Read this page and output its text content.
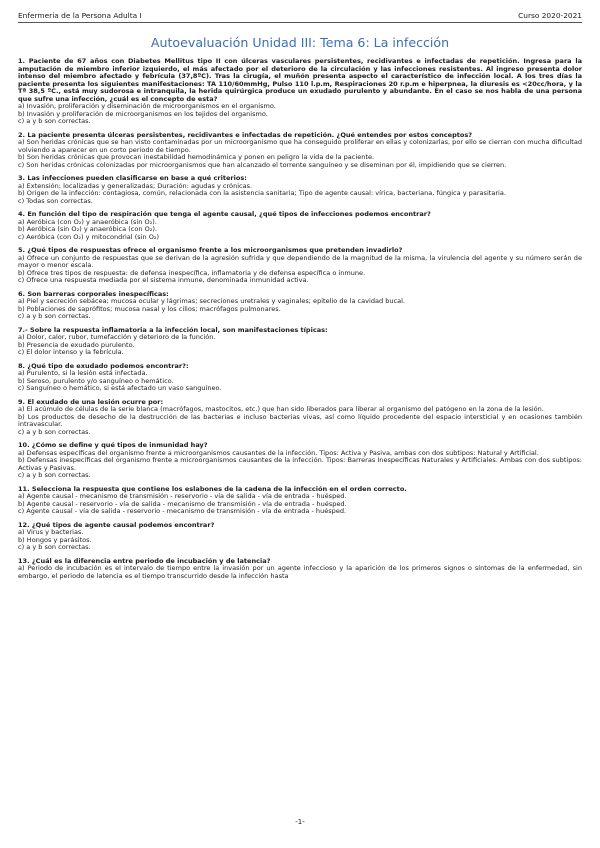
Enfermería de la Persona Adulta I	Curso 2020-2021
Autoevaluación Unidad III: Tema 6: La infección
1. Paciente de 67 años con Diabetes Mellitus tipo II con úlceras vasculares persistentes, recidivantes e infectadas de repetición. Ingresa para la amputación de miembro inferior izquierdo, el más afectado por el deterioro de la circulación y las infecciones resistentes. Al ingreso presenta dolor intenso del miembro afectado y febrícula (37,8ºC). Tras la cirugía, el muñón presenta aspecto el característico de infección local. A los tres días la paciente presenta los siguientes manifestaciones: TA 110/60mmHg, Pulso 110 l.p.m, Respiraciones 20 r.p.m e hiperpnea, la diuresis es <20cc/hora, y la Tª 38,5 ºC., está muy sudorosa e intranquila, la herida quirúrgica produce un exudado purulento y abundante. En el caso se nos habla de una persona que sufre una infección, ¿cuál es el concepto de esta?
a) Invasión, proliferación y diseminación de microorganismos en el organismo.
b) Invasión y proliferación de microorganismos en los tejidos del organismo.
c) a y b son correctas.
2. La paciente presenta úlceras persistentes, recidivantes e infectadas de repetición. ¿Qué entendes por estos conceptos?
a) Son heridas crónicas que se han visto contaminadas por un microorganismo que ha conseguido proliferar en ellas y colonizarlas, por ello se cierran con mucha dificultad volviendo a aparecer en un corto periodo de tiempo.
b) Son heridas crónicas que provocan inestabilidad hemodinámica y ponen en peligro la vida de la paciente.
c) Son heridas crónicas colonizadas por microorganismos que han alcanzado el torrente sanguíneo y se diseminan por él, impidiendo que se cierren.
3. Las infecciones pueden clasificarse en base a qué criterios:
a) Extensión: localizadas y generalizadas; Duración: agudas y crónicas.
b) Origen de la infección: contagiosa, común, relacionada con la asistencia sanitaria; Tipo de agente causal: vírica, bacteriana, fúngica y parasitaria.
c) Todas son correctas.
4. En función del tipo de respiración que tenga el agente causal, ¿qué tipos de infecciones podemos encontrar?
a) Aeróbica (con O₂) y anaeróbica (sin O₂).
b) Aeróbica (sin O₂) y anaeróbica (con O₂).
c) Aeróbica (con O₂) y mitocondrial (sin O₂)
5. ¿Qué tipos de respuestas ofrece el organismo frente a los microorganismos que pretenden invadirlo?
a) Ofrece un conjunto de respuestas que se derivan de la agresión sufrida y que dependiendo de la magnitud de la misma, la virulencia del agente y su número serán de mayor o menor escala.
b) Ofrece tres tipos de respuesta: de defensa inespecífica, inflamatoria y de defensa específica o inmune.
c) Ofrece una respuesta mediada por el sistema inmune, denominada inmunidad activa.
6. Son barreras corporales inespecíficas:
a) Piel y secreción sebácea; mucosa ocular y lágrimas; secreciones uretrales y vaginales; epitelio de la cavidad bucal.
b) Poblaciones de saprófitos; mucosa nasal y los cilios; macrófagos pulmonares.
c) a y b son correctas.
7.- Sobre la respuesta inflamatoria a la infección local, son manifestaciones típicas:
a) Dolor, calor, rubor, tumefacción y deterioro de la función.
b) Presencia de exudado purulento.
c) El dolor intenso y la febrícula.
8. ¿Qué tipo de exudado podemos encontrar?:
a) Purulento, si la lesión está infectada.
b) Seroso, purulento y/o sanguíneo o hemático.
c) Sanguíneo o hemático, si está afectado un vaso sanguíneo.
9. El exudado de una lesión ocurre por:
a) El acúmulo de células de la serie blanca (macrófagos, mastocitos, etc.) que han sido liberados para liberar al organismo del patógeno en la zona de la lesión.
b) Los productos de desecho de la destrucción de las bacterias e incluso bacterias vivas, así como líquido procedente del espacio intersticial y en ocasiones también intravascular.
c) a y b son correctas.
10. ¿Cómo se define y qué tipos de inmunidad hay?
a) Defensas específicas del organismo frente a microorganismos causantes de la infección. Tipos: Activa y Pasiva, ambas con dos subtipos: Natural y Artificial.
b) Defensas inespecíficas del organismo frente a microorganismos causantes de la infección. Tipos: Barreras Inespecíficas Naturales y Artificiales. Ambas con dos subtipos: Activas y Pasivas.
c) a y b son correctas.
11. Selecciona la respuesta que contiene los eslabones de la cadena de la infección en el orden correcto.
a) Agente causal - mecanismo de transmisión - reservorio - vía de salida - vía de entrada - huésped.
b) Agente causal - reservorio - vía de salida - mecanismo de transmisión - vía de entrada - huésped.
c) Agente causal - vía de salida - reservorio - mecanismo de transmisión - vía de entrada - huésped.
12. ¿Qué tipos de agente causal podemos encontrar?
a) Virus y bacterias.
b) Hongos y parásitos.
c) a y b son correctas.
13. ¿Cuál es la diferencia entre periodo de incubación y de latencia?
a) Periodo de incubación es el intervalo de tiempo entre la invasión por un agente infeccioso y la aparición de los primeros signos o síntomas de la enfermedad, sin embargo, el periodo de latencia es el tiempo transcurrido desde la infección hasta
-1-
